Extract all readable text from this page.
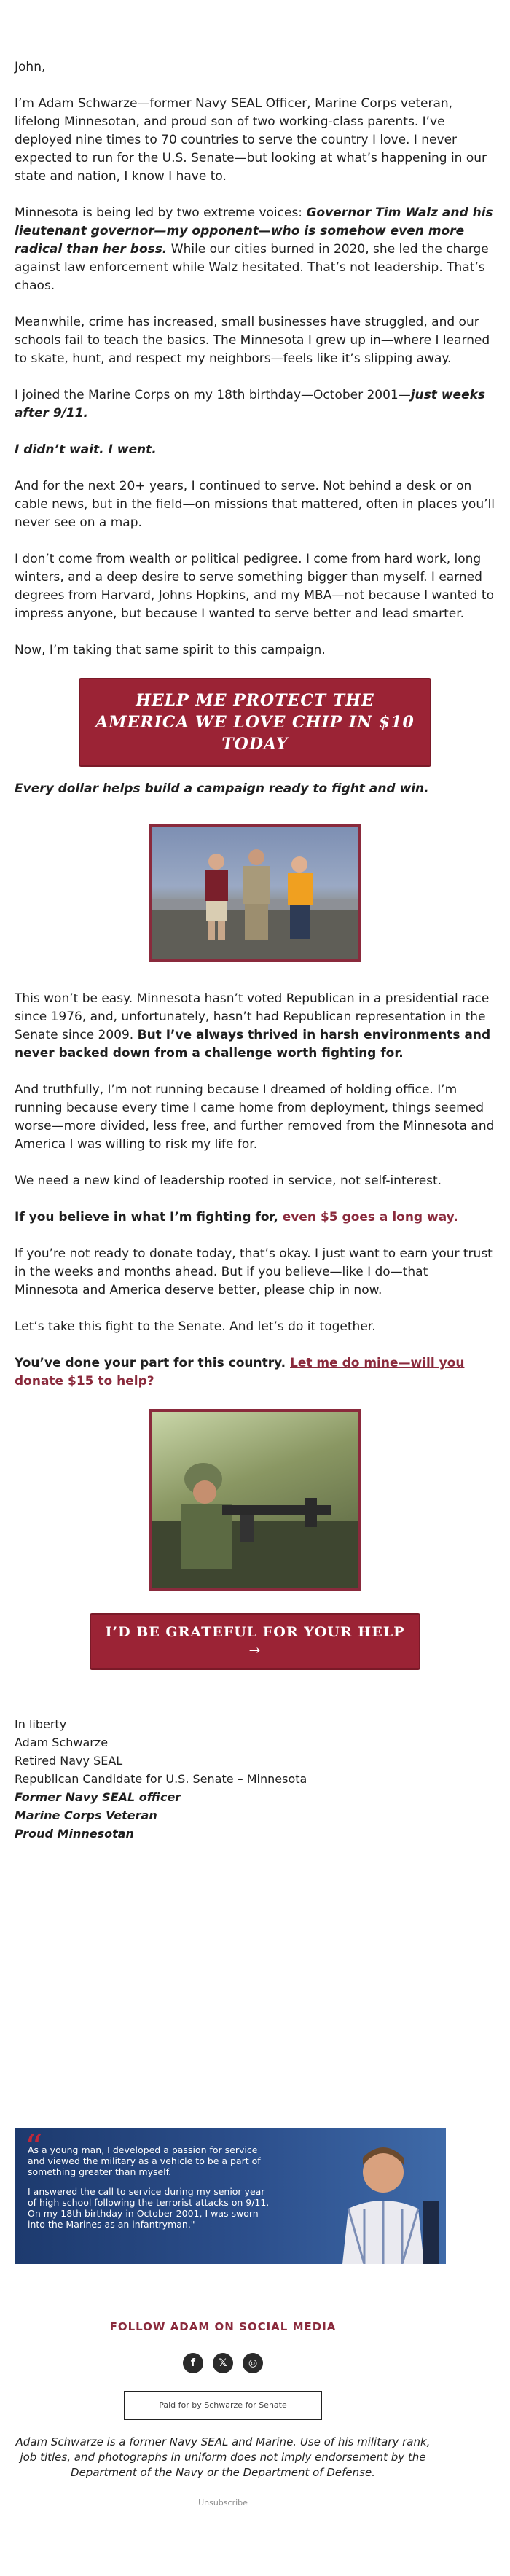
John,

I’m Adam Schwarze—former Navy SEAL Officer, Marine Corps veteran, lifelong Minnesotan, and proud son of two working-class parents. I’ve deployed nine times to 70 countries to serve the country I love. I never expected to run for the U.S. Senate—but looking at what’s happening in our state and nation, I know I have to.

Minnesota is being led by two extreme voices: Governor Tim Walz and his lieutenant governor—my opponent—who is somehow even more radical than her boss. While our cities burned in 2020, she led the charge against law enforcement while Walz hesitated. That’s not leadership. That’s chaos.

Meanwhile, crime has increased, small businesses have struggled, and our schools fail to teach the basics. The Minnesota I grew up in—where I learned to skate, hunt, and respect my neighbors—feels like it’s slipping away.

I joined the Marine Corps on my 18th birthday—October 2001—just weeks after 9/11.

I didn’t wait. I went.

And for the next 20+ years, I continued to serve. Not behind a desk or on cable news, but in the field—on missions that mattered, often in places you’ll never see on a map.

I don’t come from wealth or political pedigree. I come from hard work, long winters, and a deep desire to serve something bigger than myself. I earned degrees from Harvard, Johns Hopkins, and my MBA—not because I wanted to impress anyone, but because I wanted to serve better and lead smarter.

Now, I’m taking that same spirit to this campaign.

HELP ME PROTECT THE AMERICA WE LOVE CHIP IN $10 TODAY
Every dollar helps build a campaign ready to fight and win.

This won’t be easy. Minnesota hasn’t voted Republican in a presidential race since 1976, and, unfortunately, hasn’t had Republican representation in the Senate since 2009. But I’ve always thrived in harsh environments and never backed down from a challenge worth fighting for.

And truthfully, I’m not running because I dreamed of holding office. I’m running because every time I came home from deployment, things seemed worse—more divided, less free, and further removed from the Minnesota and America I was willing to risk my life for.

We need a new kind of leadership rooted in service, not self-interest.

If you believe in what I’m fighting for, even $5 goes a long way.

If you’re not ready to donate today, that’s okay. I just want to earn your trust in the weeks and months ahead. But if you believe—like I do—that Minnesota and America deserve better, please chip in now.

Let’s take this fight to the Senate. And let’s do it together.

You’ve done your part for this country. Let me do mine—will you donate $15 to help?

I’D BE GRATEFUL FOR YOUR HELP →
In liberty
Adam Schwarze
Retired Navy SEAL
Republican Candidate for U.S. Senate – Minnesota
Former Navy SEAL officer
Marine Corps Veteran
Proud Minnesotan
“

As a young man, I developed a passion for service and viewed the military as a vehicle to be a part of something greater than myself.

I answered the call to service during my senior year of high school following the terrorist attacks on 9/11. On my 18th birthday in October 2001, I was sworn into the Marines as an infantryman."

FOLLOW ADAM ON SOCIAL MEDIA
f 𝕏 ◎
Paid for by Schwarze for Senate
Adam Schwarze is a former Navy SEAL and Marine. Use of his military rank, job titles, and photographs in uniform does not imply endorsement by the Department of the Navy or the Department of Defense.
Unsubscribe
